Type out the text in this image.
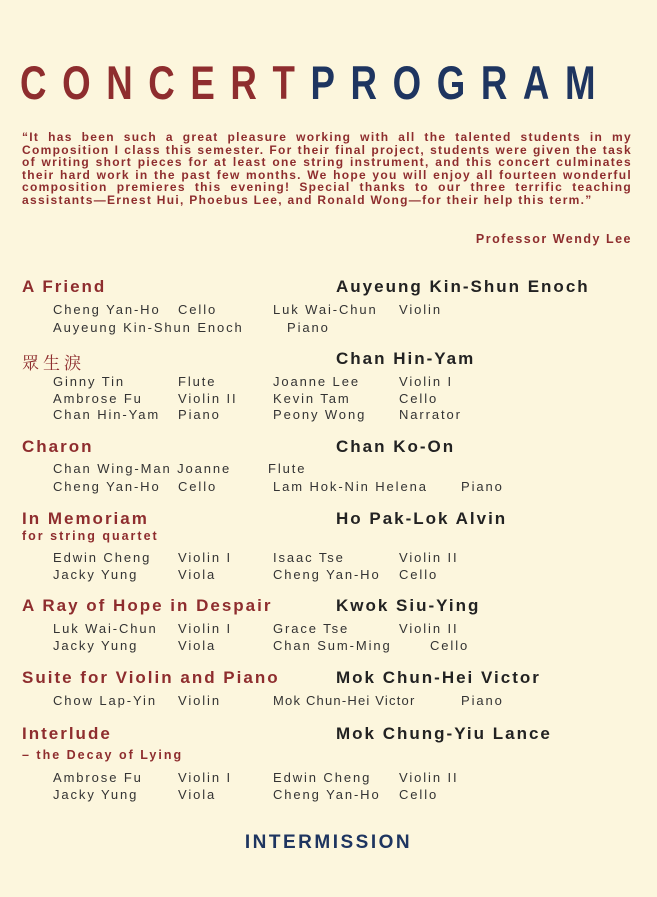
CONCERTPROGRAM
“It has been such a great pleasure working with all the talented students in my Composition I class this semester. For their final project, students were given the task of writing short pieces for at least one string instrument, and this concert culminates their hard work in the past few months. We hope you will enjoy all fourteen wonderful composition premieres this evening! Special thanks to our three terrific teaching assistants—Ernest Hui, Phoebus Lee, and Ronald Wong—for their help this term.”
Professor Wendy Lee
A Friend	Auyeung Kin-Shun Enoch
Cheng Yan-Ho Cello	Luk Wai-Chun Violin
Auyeung Kin-Shun Enoch	Piano
眾生淚	Chan Hin-Yam
Ginny Tin	Flute	Joanne Lee	Violin I
Ambrose Fu	Violin II	Kevin Tam	Cello
Chan Hin-Yam Piano	Peony Wong	Narrator
Charon	Chan Ko-On
Chan Wing-Man Joanne	Flute
Cheng Yan-Ho Cello	Lam Hok-Nin Helena	Piano
In Memoriam
for string quartet
Ho Pak-Lok Alvin
Edwin Cheng Violin I	Isaac Tse	Violin II
Jacky Yung	Viola	Cheng Yan-Ho Cello
A Ray of Hope in Despair	Kwok Siu-Ying
Luk Wai-Chun Violin I	Grace Tse	Violin II
Jacky Yung	Viola	Chan Sum-Ming	Cello
Suite for Violin and Piano	Mok Chun-Hei Victor
Chow Lap-Yin Violin	Mok Chun-Hei Victor	Piano
Interlude
– the Decay of Lying
Mok Chung-Yiu Lance
Ambrose Fu	Violin I	Edwin Cheng Violin II
Jacky Yung	Viola	Cheng Yan-Ho Cello
INTERMISSION
